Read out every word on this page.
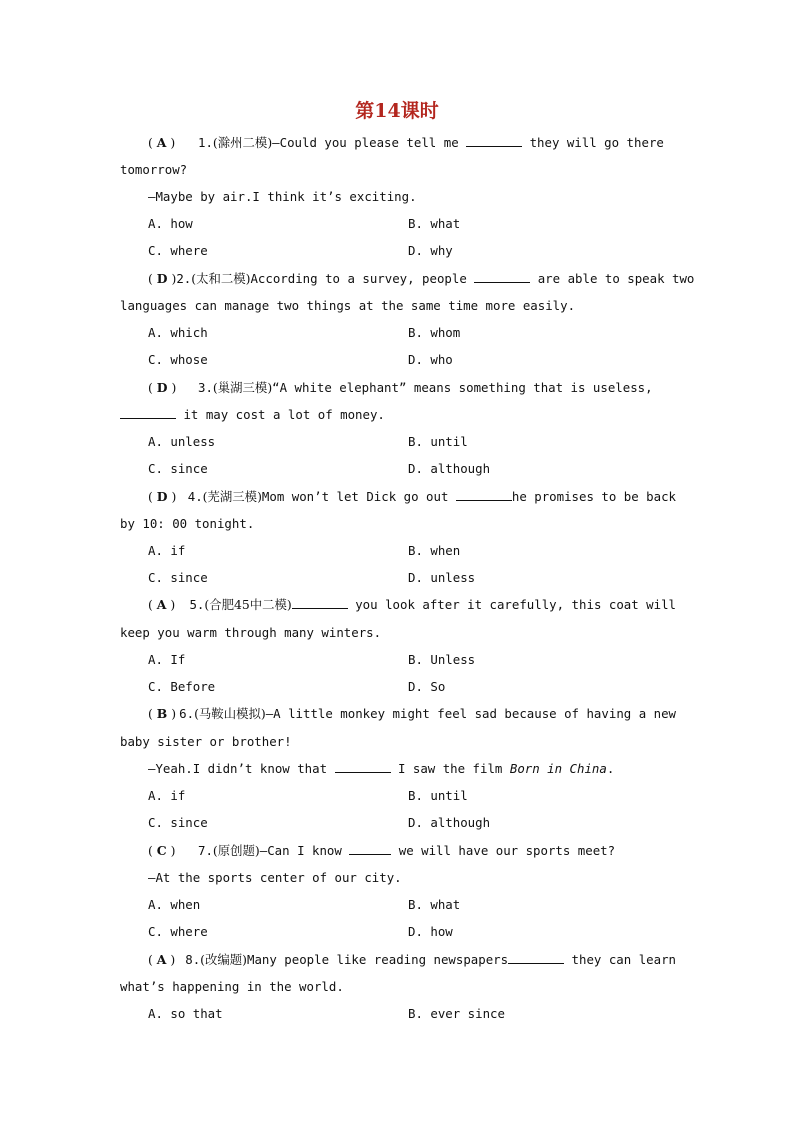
第14课时
( A )	1.(滁州二模)—Could you please tell me	they will go there
tomorrow?
—Maybe by air.I think it’s exciting.
A. how	B. what
C. where	D. why
( D ) 2.(太和二模)According to a survey, people	are able to speak two
languages can manage two things at the same time more easily.
A. which	B. whom
C. whose	D. who
( D )	3.(巢湖三模)“A white elephant” means something that is useless,
it may cost a lot of money.
A. unless	B. until
C. since	D. although
( D ) 4.(芜湖三模)Mom won’t let Dick go out	he promises to be back
by 10: 00 tonight.
A. if	B. when
C. since	D. unless
( A )	5.(合肥45中二模)	you look after it carefully, this coat will
keep you warm through many winters.
A. If	B. Unless
C. Before	D. So
( B ) 6.(马鞍山模拟)—A little monkey might feel sad because of having a new
baby sister or brother!
—Yeah.I didn’t know that	I saw the film Born in China.
A. if	B. until
C. since	D. although
( C )	7.(原创题)—Can I know	we will have our sports meet?
—At the sports center of our city.
A. when	B. what
C. where	D. how
( A ) 8.(改编题)Many people like reading newspapers	they can learn
what’s happening in the world.
A. so that	B. ever since
